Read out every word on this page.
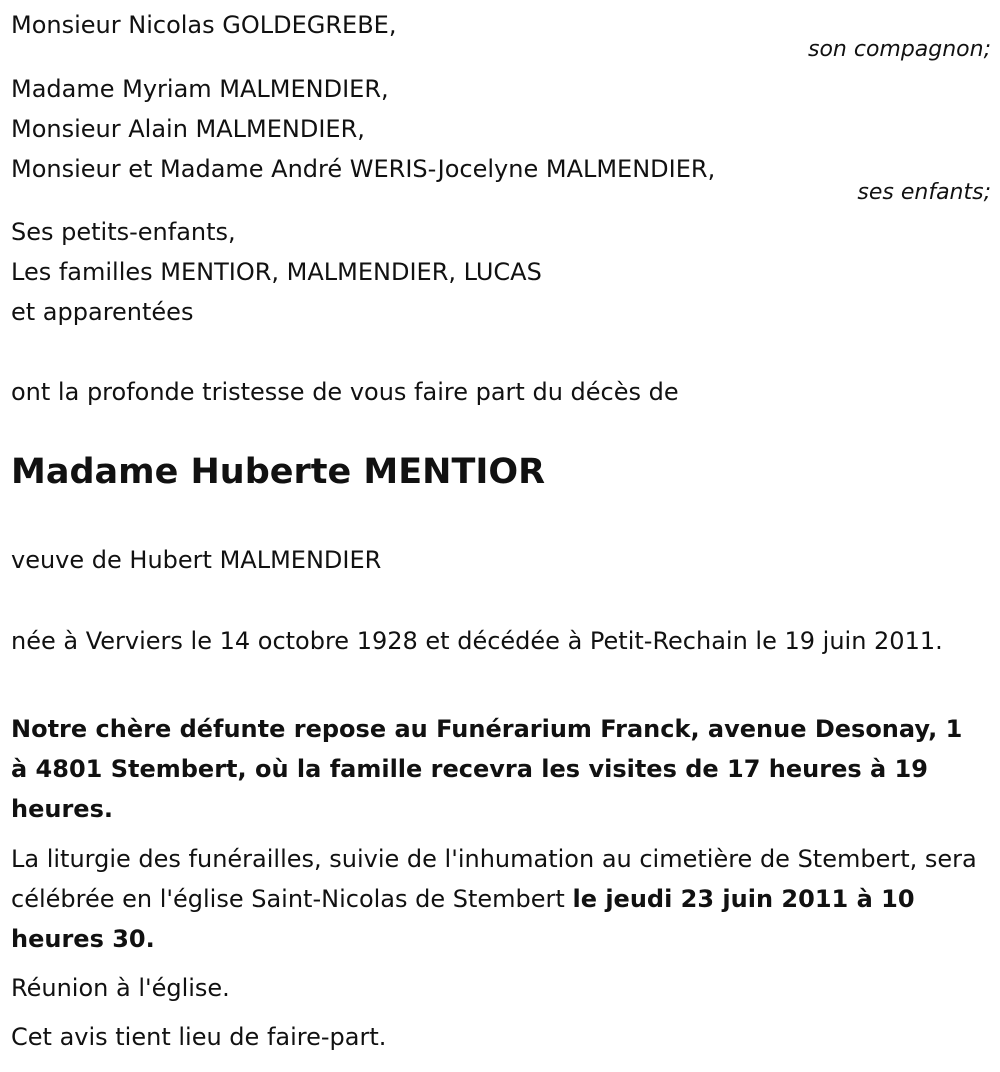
Monsieur Nicolas GOLDEGREBE,
son compagnon;
Madame Myriam MALMENDIER,
Monsieur Alain MALMENDIER,
Monsieur et Madame André WERIS-Jocelyne MALMENDIER,
ses enfants;
Ses petits-enfants,
Les familles MENTIOR, MALMENDIER, LUCAS
et apparentées
ont la profonde tristesse de vous faire part du décès de
Madame Huberte MENTIOR
veuve de Hubert MALMENDIER
née à Verviers le 14 octobre 1928 et décédée à Petit-Rechain le 19 juin 2011.
Notre chère défunte repose au Funérarium Franck, avenue Desonay, 1 à 4801 Stembert, où la famille recevra les visites de 17 heures à 19 heures.
La liturgie des funérailles, suivie de l'inhumation au cimetière de Stembert, sera célébrée en l'église Saint-Nicolas de Stembert le jeudi 23 juin 2011 à 10 heures 30.
Réunion à l'église.
Cet avis tient lieu de faire-part.
